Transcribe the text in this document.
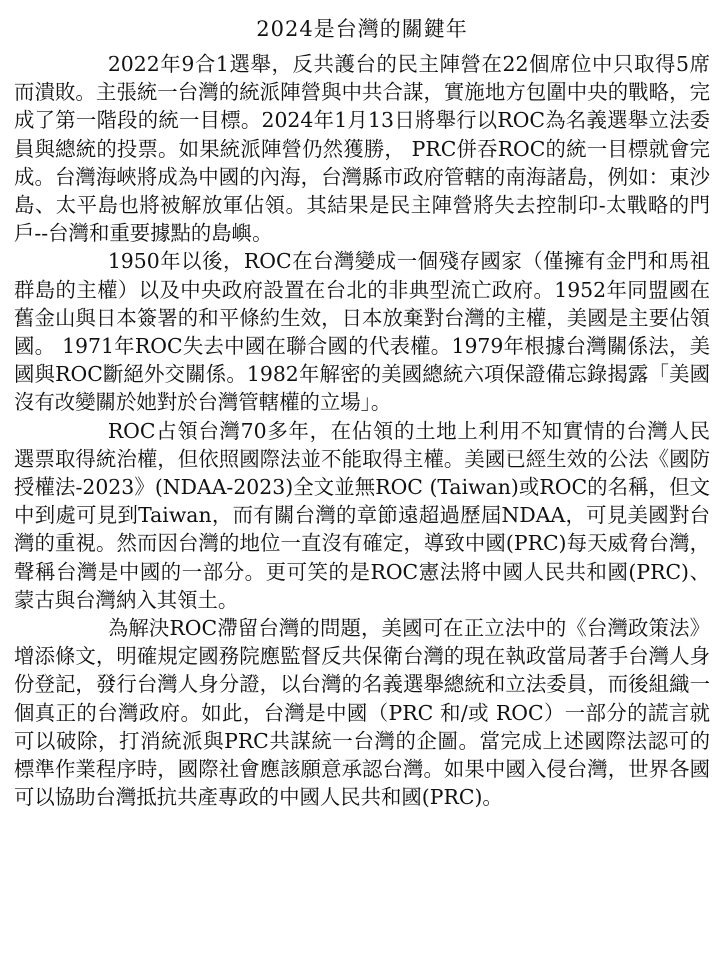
2024是台灣的關鍵年

2022年9合1選舉，反共護台的民主陣營在22個席位中只取得5席而潰敗。主張統一台灣的統派陣營與中共合謀，實施地方包圍中央的戰略，完成了第一階段的統一目標。2024年1月13日將舉行以ROC為名義選舉立法委員與總統的投票。如果統派陣營仍然獲勝， PRC併吞ROC的統一目標就會完成。台灣海峽將成為中國的內海，台灣縣市政府管轄的南海諸島，例如：東沙島、太平島也將被解放軍佔領。其結果是民主陣營將失去控制印-太戰略的門戶--台灣和重要據點的島嶼。

1950年以後，ROC在台灣變成一個殘存國家（僅擁有金門和馬祖群島的主權）以及中央政府設置在台北的非典型流亡政府。1952年同盟國在舊金山與日本簽署的和平條約生效，日本放棄對台灣的主權，美國是主要佔領國。 1971年ROC失去中國在聯合國的代表權。1979年根據台灣關係法，美國與ROC斷絕外交關係。1982年解密的美國總統六項保證備忘錄揭露「美國沒有改變關於她對於台灣管轄權的立場」。

ROC占領台灣70多年，在佔領的土地上利用不知實情的台灣人民選票取得統治權，但依照國際法並不能取得主權。美國已經生效的公法《國防授權法-2023》(NDAA-2023)全文並無ROC (Taiwan)或ROC的名稱，但文中到處可見到Taiwan，而有關台灣的章節遠超過歷屆NDAA，可見美國對台灣的重視。然而因台灣的地位一直沒有確定，導致中國(PRC)每天威脅台灣，聲稱台灣是中國的一部分。更可笑的是ROC憲法將中國人民共和國(PRC)、蒙古與台灣納入其領土。

為解決ROC滯留台灣的問題，美國可在正立法中的《台灣政策法》增添條文，明確規定國務院應監督反共保衛台灣的現在執政當局著手台灣人身份登記，發行台灣人身分證，以台灣的名義選舉總統和立法委員，而後組織一個真正的台灣政府。如此，台灣是中國（PRC 和/或 ROC）一部分的謊言就可以破除，打消統派與PRC共謀統一台灣的企圖。當完成上述國際法認可的標準作業程序時，國際社會應該願意承認台灣。如果中國入侵台灣，世界各國可以協助台灣抵抗共產專政的中國人民共和國(PRC)。
